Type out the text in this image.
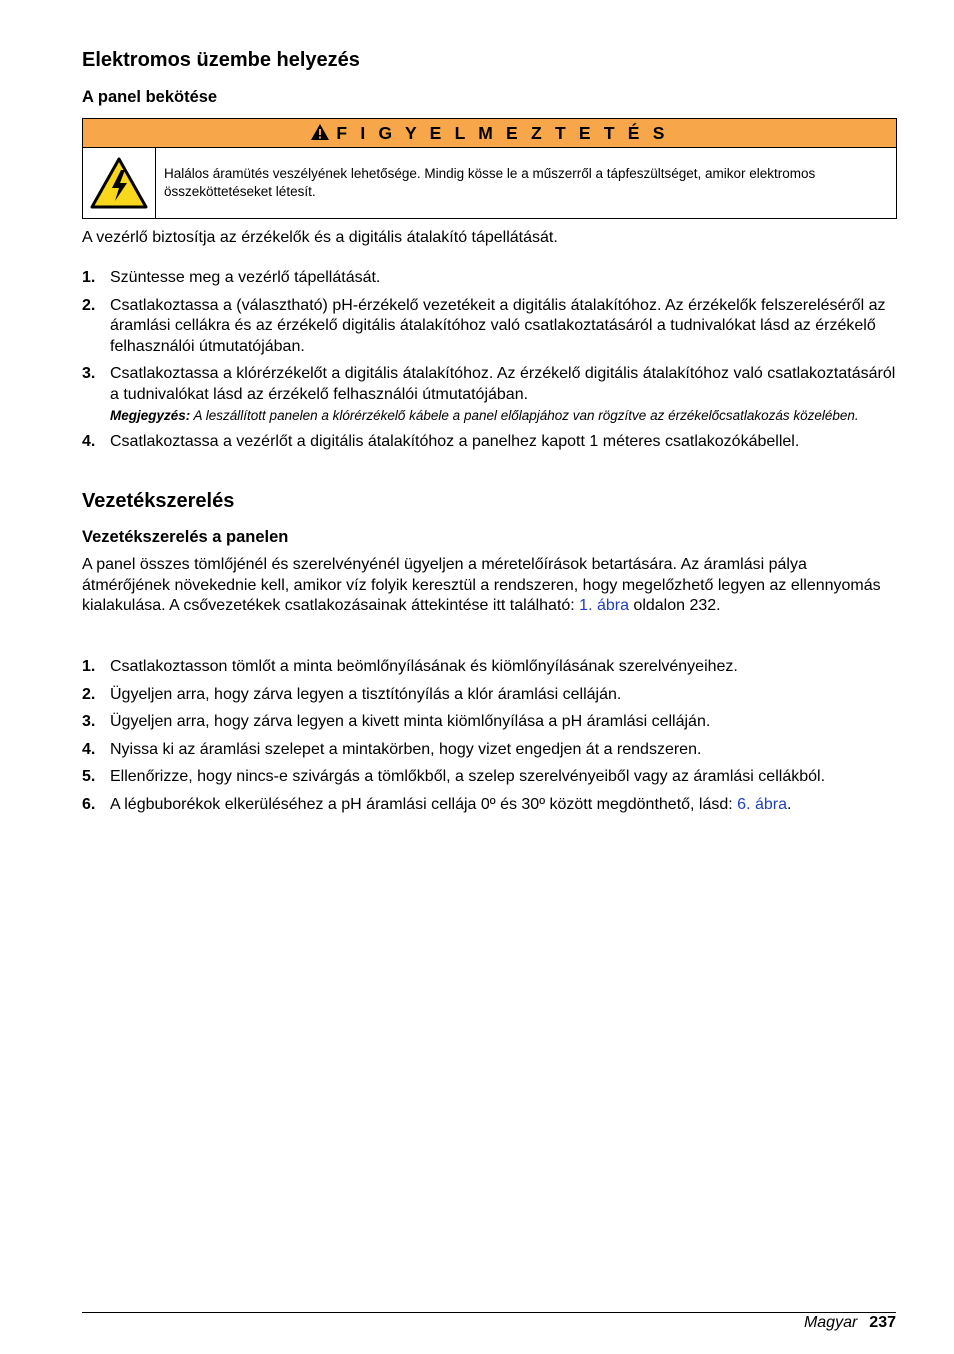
Elektromos üzembe helyezés
A panel bekötése
F I G Y E L M E Z T E T É S

Halálos áramütés veszélyének lehetősége. Mindig kösse le a műszerről a tápfeszültséget, amikor elektromos összeköttetéseket létesít.

A vezérlő biztosítja az érzékelők és a digitális átalakító tápellátását.

1. Szüntesse meg a vezérlő tápellátását.
2. Csatlakoztassa a (választható) pH-érzékelő vezetékeit a digitális átalakítóhoz. Az érzékelők felszereléséről az áramlási cellákra és az érzékelő digitális átalakítóhoz való csatlakoztatásáról a tudnivalókat lásd az érzékelő felhasználói útmutatójában.
3. Csatlakoztassa a klórérzékelőt a digitális átalakítóhoz. Az érzékelő digitális átalakítóhoz való csatlakoztatásáról a tudnivalókat lásd az érzékelő felhasználói útmutatójában.
Megjegyzés: A leszállított panelen a klórérzékelő kábele a panel előlapjához van rögzítve az érzékelőcsatlakozás közelében.
4. Csatlakoztassa a vezérlőt a digitális átalakítóhoz a panelhez kapott 1 méteres csatlakozókábellel.
Vezetékszerelés
Vezetékszerelés a panelen

A panel összes tömlőjénél és szerelvényénél ügyeljen a méretelőírások betartására. Az áramlási pálya átmérőjének növekednie kell, amikor víz folyik keresztül a rendszeren, hogy megelőzhető legyen az ellennyomás kialakulása. A csővezetékek csatlakozásainak áttekintése itt található: 1. ábra oldalon 232.

1. Csatlakoztasson tömlőt a minta beömlőnyílásának és kiömlőnyílásának szerelvényeihez.
2. Ügyeljen arra, hogy zárva legyen a tisztítónyílás a klór áramlási celláján.
3. Ügyeljen arra, hogy zárva legyen a kivett minta kiömlőnyílása a pH áramlási celláján.
4. Nyissa ki az áramlási szelepet a mintakörben, hogy vizet engedjen át a rendszeren.
5. Ellenőrizze, hogy nincs-e szivárgás a tömlőkből, a szelep szerelvényeiből vagy az áramlási cellákból.
6. A légbuborékok elkerüléséhez a pH áramlási cellája 0º és 30º között megdönthető, lásd: 6. ábra.
Magyar 237
